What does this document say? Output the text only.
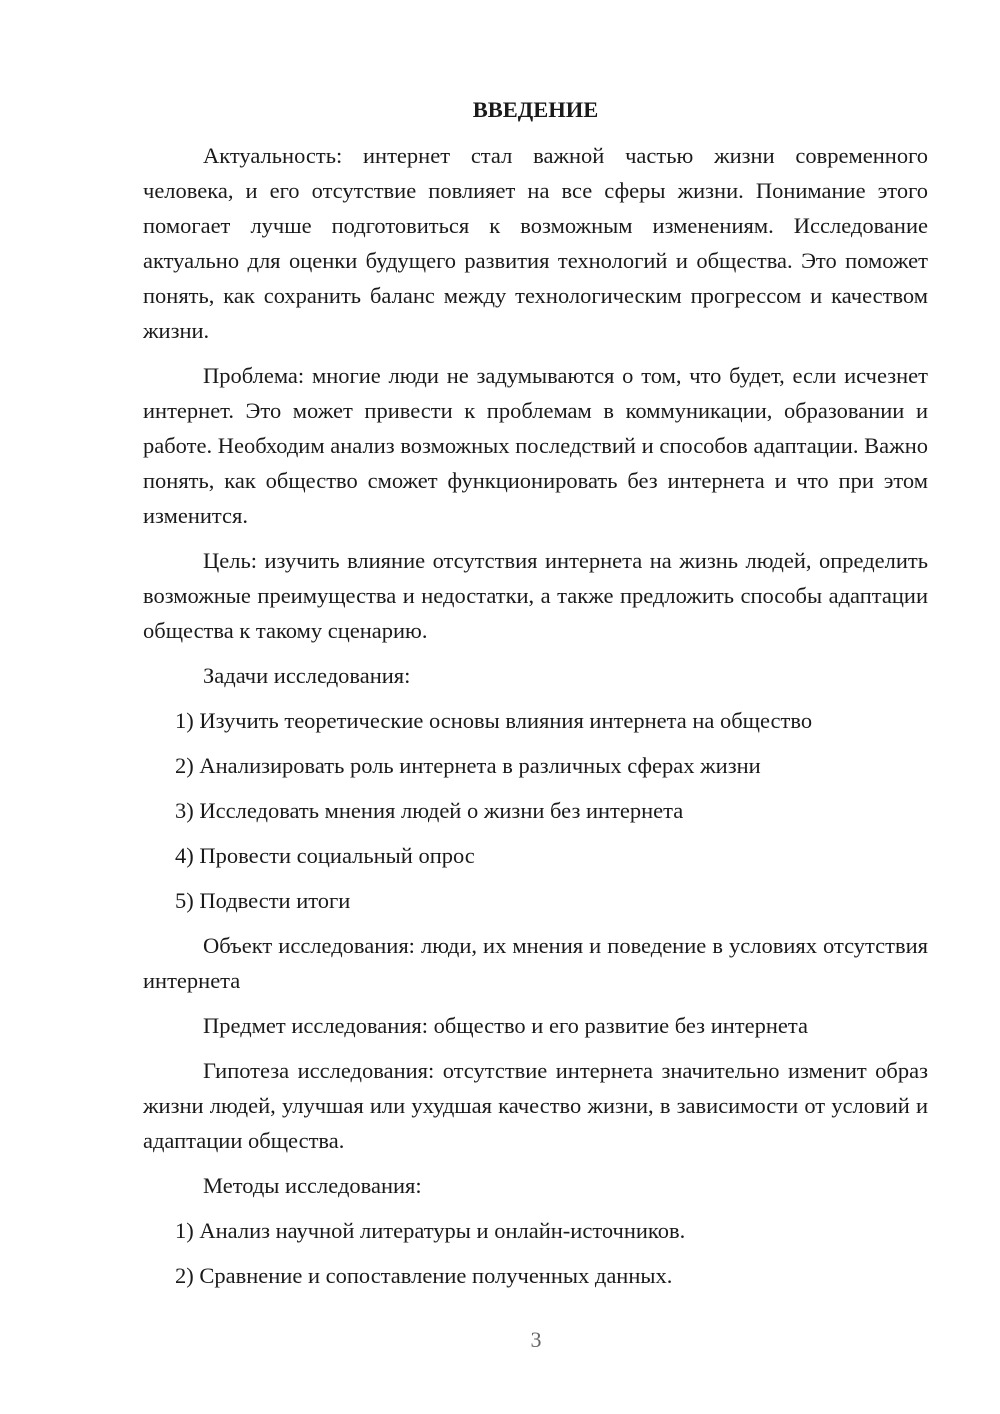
ВВЕДЕНИЕ

Актуальность: интернет стал важной частью жизни современного человека, и его отсутствие повлияет на все сферы жизни. Понимание этого помогает лучше подготовиться к возможным изменениям. Исследование актуально для оценки будущего развития технологий и общества. Это поможет понять, как сохранить баланс между технологическим прогрессом и качеством жизни.

Проблема: многие люди не задумываются о том, что будет, если исчезнет интернет. Это может привести к проблемам в коммуникации, образовании и работе. Необходим анализ возможных последствий и способов адаптации. Важно понять, как общество сможет функционировать без интернета и что при этом изменится.

Цель: изучить влияние отсутствия интернета на жизнь людей, определить возможные преимущества и недостатки, а также предложить способы адаптации общества к такому сценарию.

Задачи исследования:

1) Изучить теоретические основы влияния интернета на общество

2) Анализировать роль интернета в различных сферах жизни

3) Исследовать мнения людей о жизни без интернета

4) Провести социальный опрос

5) Подвести итоги

Объект исследования: люди, их мнения и поведение в условиях отсутствия интернета

Предмет исследования: общество и его развитие без интернета

Гипотеза исследования: отсутствие интернета значительно изменит образ жизни людей, улучшая или ухудшая качество жизни, в зависимости от условий и адаптации общества.

Методы исследования:

1) Анализ научной литературы и онлайн-источников.

2) Сравнение и сопоставление полученных данных.

3
